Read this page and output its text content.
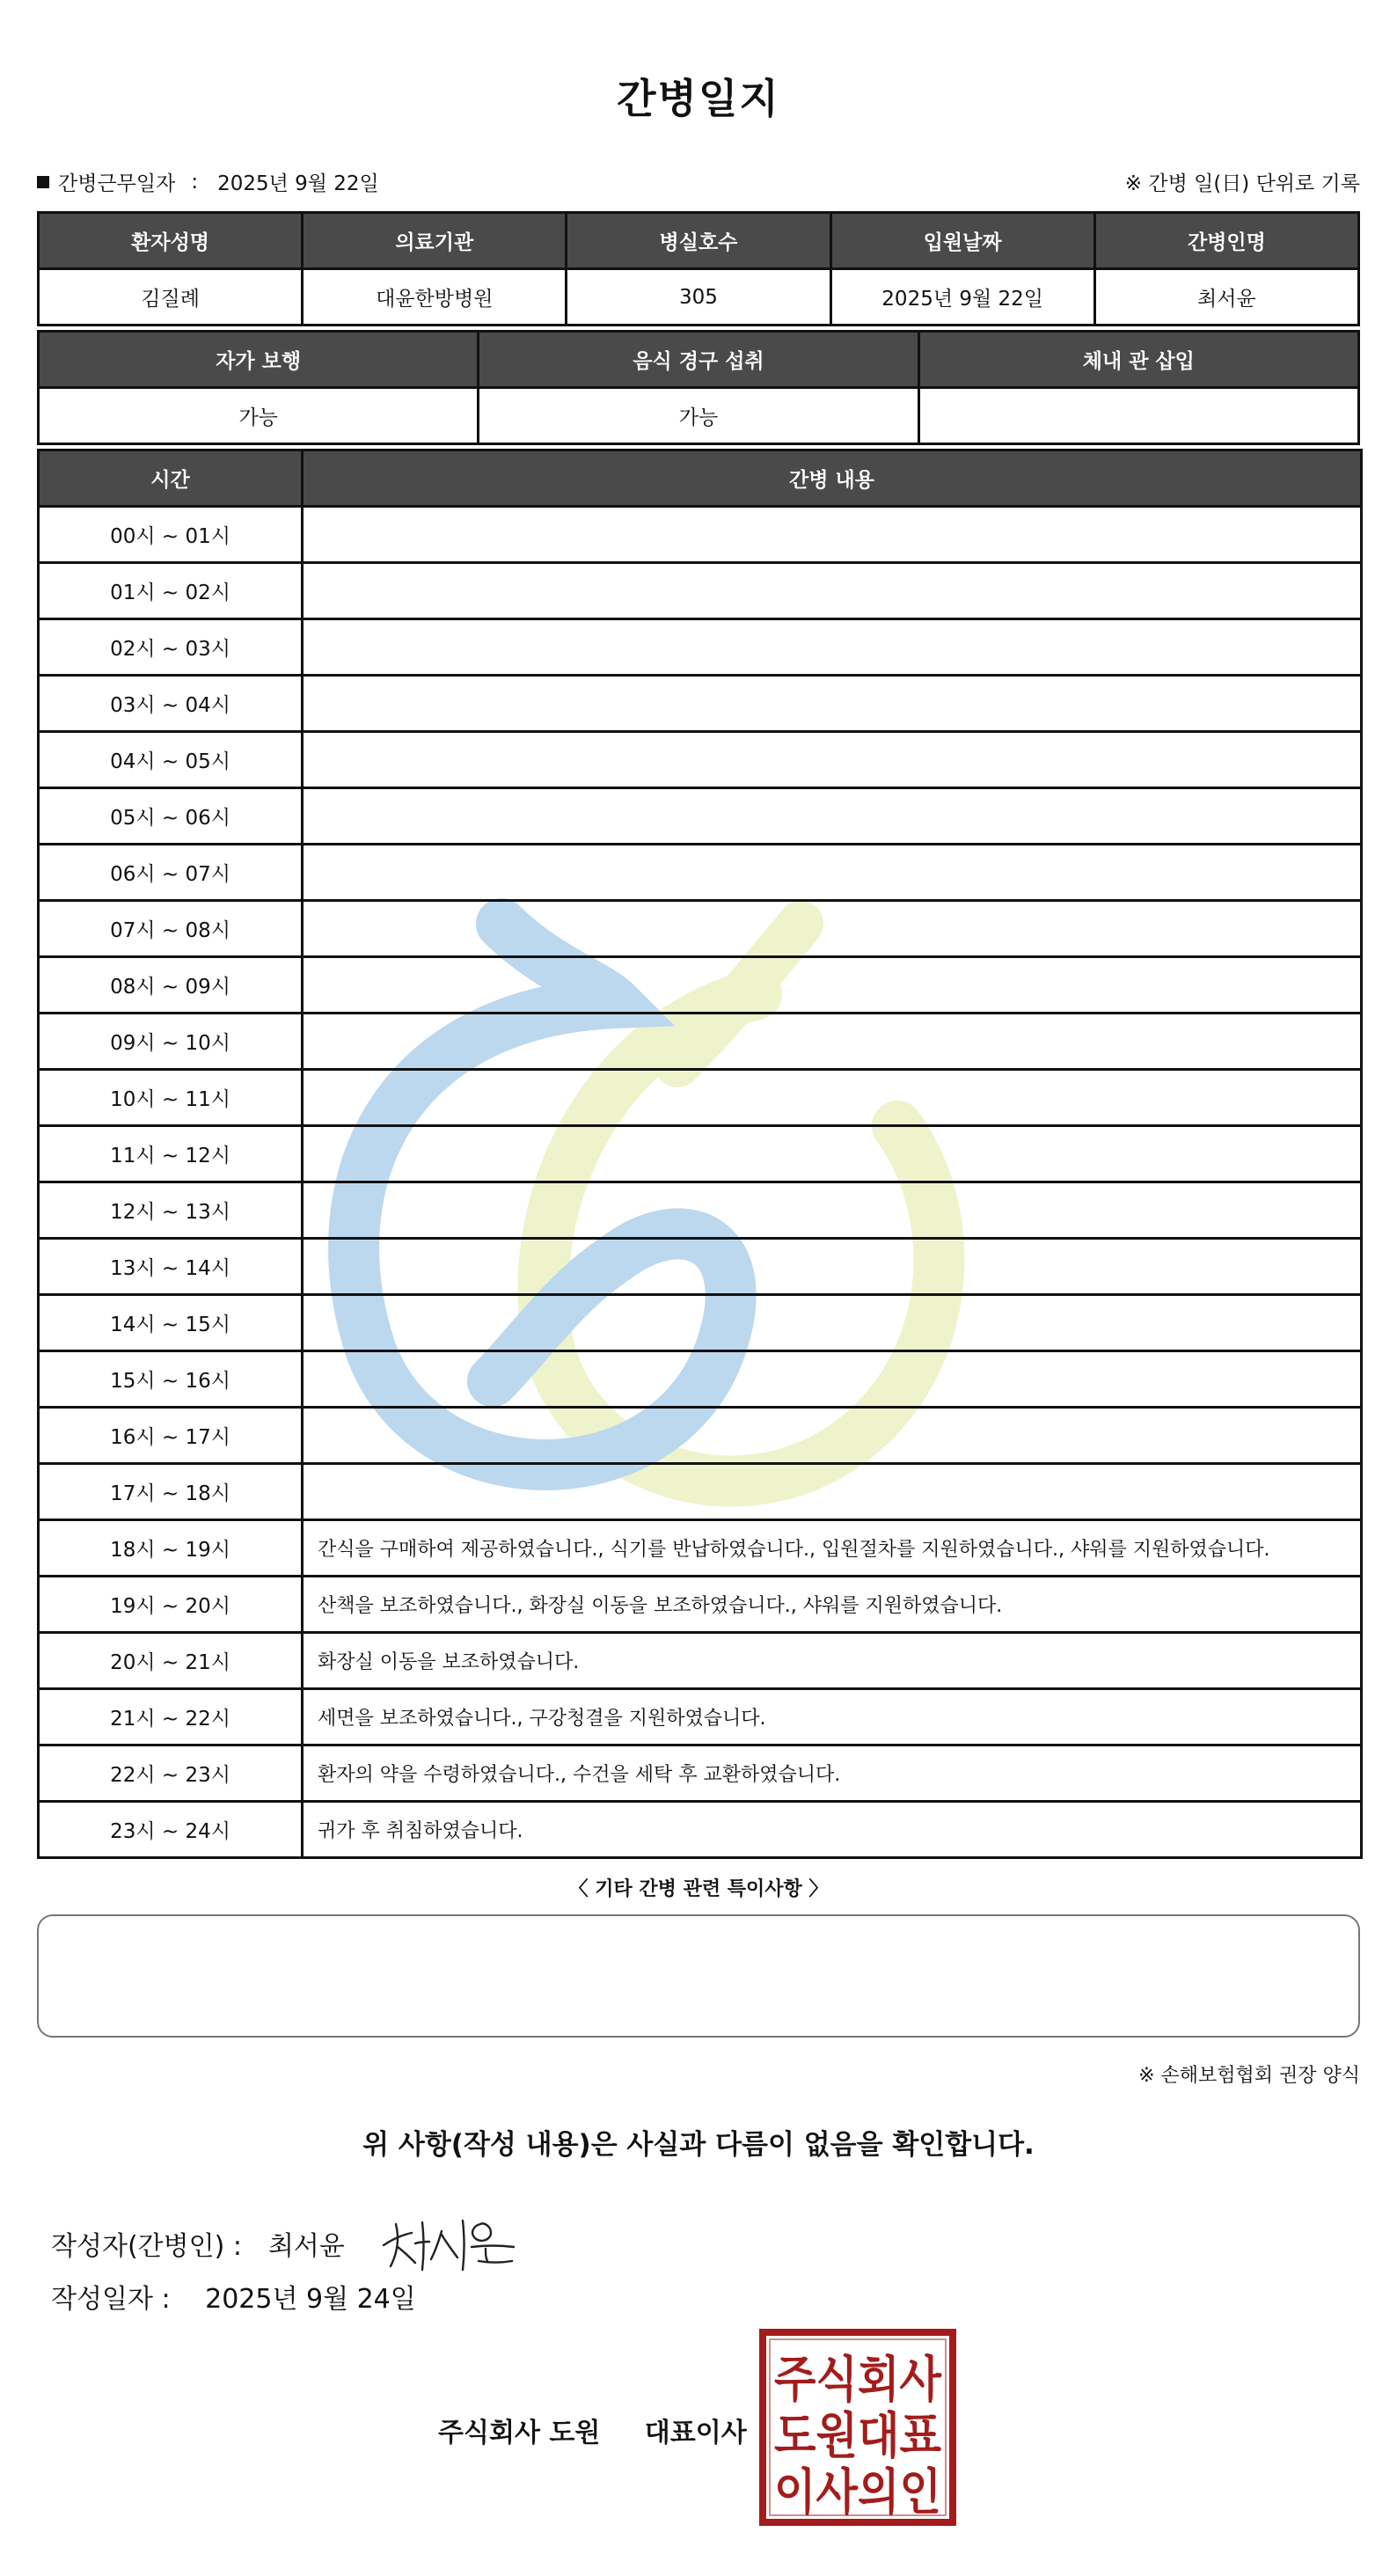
간병일지
간병근무일자 : 2025년 9월 22일	※ 간병 일(日) 단위로 기록
환자성명	의료기관	병실호수	입원날짜	간병인명
김질례	대윤한방병원	305	2025년 9월 22일	최서윤
자가 보행	음식 경구 섭취	체내 관 삽입
가능	가능	
시간	간병 내용
00시 ~ 01시	
01시 ~ 02시	
02시 ~ 03시	
03시 ~ 04시	
04시 ~ 05시	
05시 ~ 06시	
06시 ~ 07시	
07시 ~ 08시	
08시 ~ 09시	
09시 ~ 10시	
10시 ~ 11시	
11시 ~ 12시	
12시 ~ 13시	
13시 ~ 14시	
14시 ~ 15시	
15시 ~ 16시	
16시 ~ 17시	
17시 ~ 18시	
18시 ~ 19시	간식을 구매하여 제공하였습니다., 식기를 반납하였습니다., 입원절차를 지원하였습니다., 샤워를 지원하였습니다.
19시 ~ 20시	산책을 보조하였습니다., 화장실 이동을 보조하였습니다., 샤워를 지원하였습니다.
20시 ~ 21시	화장실 이동을 보조하였습니다.
21시 ~ 22시	세면을 보조하였습니다., 구강청결을 지원하였습니다.
22시 ~ 23시	환자의 약을 수령하였습니다., 수건을 세탁 후 교환하였습니다.
23시 ~ 24시	귀가 후 취침하였습니다.
〈 기타 간병 관련 특이사항 〉
※ 손해보험협회 권장 양식
위 사항(작성 내용)은 사실과 다름이 없음을 확인합니다.
작성자(간병인) : 최서윤
작성일자 : 2025년 9월 24일
주식회사 도원 대표이사
주식회사
도원대표
이사의인
